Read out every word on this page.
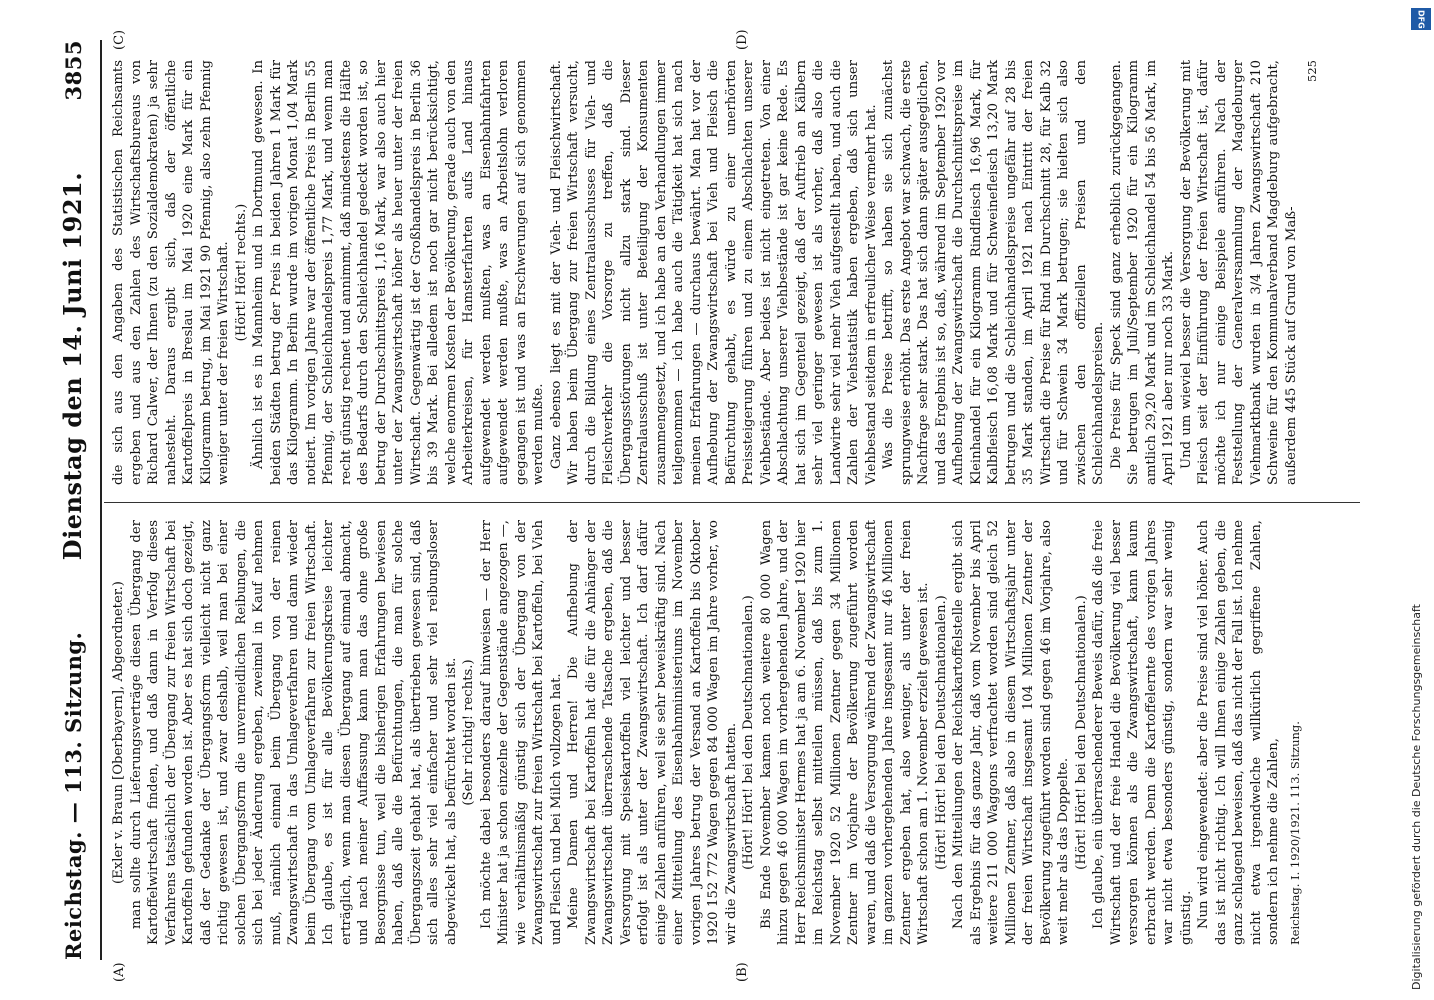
Reichstag. — 113. Sitzung.
Dienstag den 14. Juni 1921.
3855
(A)	(B)
(C)	(D)

(Exler v. Braun [Oberbayern], Abgeordneter.) man sollte durch Lieferungsverträge diesen Übergang der Kartoffelwirtschaft finden, und daß dann in Verfolg dieses Verfahrens tatsächlich der Übergang zur freien Wirtschaft bei Kartoffeln gefunden worden ist. Aber es hat sich doch gezeigt, daß der Gedanke der Übergangsform vielleicht nicht ganz richtig gewesen ist, und zwar deshalb, weil man bei einer solchen Übergangsform die unvermeidlichen Reibungen, die sich bei jeder Änderung ergeben, zweimal in Kauf nehmen muß, nämlich einmal beim Übergang von der reinen Zwangswirtschaft in das Umlageverfahren und dann wieder beim Übergang vom Umlageverfahren zur freien Wirtschaft. Ich glaube, es ist für alle Bevölkerungskreise leichter erträglich, wenn man diesen Übergang auf einmal abmacht, und nach meiner Auffassung kann man das ohne große Besorgnisse tun, weil die bisherigen Erfahrungen bewiesen haben, daß alle die Befürchtungen, die man für solche Übergangszeit gehabt hat, als übertrieben gewesen sind, daß sich alles sehr viel einfacher und sehr viel reibungsloser abgewickelt hat, als befürchtet worden ist. (Sehr richtig! rechts.) Ich möchte dabei besonders darauf hinweisen — der Herr Minister hat ja schon einzelne der Gegenstände angezogen —, wie verhältnismäßig günstig sich der Übergang von der Zwangswirtschaft zur freien Wirtschaft bei Kartoffeln, bei Vieh und Fleisch und bei Milch vollzogen hat. Meine Damen und Herren! Die Aufhebung der Zwangswirtschaft bei Kartoffeln hat die für die Anhänger der Zwangswirtschaft überraschende Tatsache ergeben, daß die Versorgung mit Speisekartoffeln viel leichter und besser erfolgt ist als unter der Zwangswirtschaft. Ich darf dafür einige Zahlen anführen, weil sie sehr beweiskräftig sind. Nach einer Mitteilung des Eisenbahnministeriums im November vorigen Jahres betrug der Versand an Kartoffeln bis Oktober 1920 152 772 Wagen gegen 84 000 Wagen im Jahre vorher, wo wir die Zwangswirtschaft hatten. (Hört! Hört! bei den Deutschnationalen.) Bis Ende November kamen noch weitere 80 000 Wagen hinzu gegen 46 000 Wagen im vorhergehenden Jahre, und der Herr Reichsminister Hermes hat ja am 6. November 1920 hier im Reichstag selbst mitteilen müssen, daß bis zum 1. November 1920 52 Millionen Zentner gegen 34 Millionen Zentner im Vorjahre der Bevölkerung zugeführt worden waren, und daß die Versorgung während der Zwangswirtschaft im ganzen vorhergehenden Jahre insgesamt nur 46 Millionen Zentner ergeben hat, also weniger, als unter der freien Wirtschaft schon am 1. November erzielt gewesen ist. (Hört! Hört! bei den Deutschnationalen.) Nach den Mitteilungen der Reichskartoffelstelle ergibt sich als Ergebnis für das ganze Jahr, daß vom November bis April weitere 211 000 Waggons verfrachtet worden sind gleich 52 Millionen Zentner, daß also in diesem Wirtschaftsjahr unter der freien Wirtschaft insgesamt 104 Millionen Zentner der Bevölkerung zugeführt worden sind gegen 46 im Vorjahre, also weit mehr als das Doppelte. (Hört! Hört! bei den Deutschnationalen.) Ich glaube, ein überraschenderer Beweis dafür, daß die freie Wirtschaft und der freie Handel die Bevölkerung viel besser versorgen können als die Zwangswirtschaft, kann kaum erbracht werden. Denn die Kartoffelernte des vorigen Jahres war nicht etwa besonders günstig, sondern war sehr wenig günstig. Nun wird eingewendet: aber die Preise sind viel höher. Auch das ist nicht richtig. Ich will Ihnen einige Zahlen geben, die ganz schlagend beweisen, daß das nicht der Fall ist. Ich nehme nicht etwa irgendwelche willkürlich gegriffene Zahlen, sondern ich nehme die Zahlen, Reichstag. I. 1920/1921. 113. Sitzung.

die sich aus den Angaben des Statistischen Reichsamts ergeben und aus den Zahlen des Wirtschaftsbureaus von Richard Calwer, der Ihnen (zu den Sozialdemokraten) ja sehr nahesteht. Daraus ergibt sich, daß der öffentliche Kartoffelpreis in Breslau im Mai 1920 eine Mark für ein Kilogramm betrug, im Mai 1921 90 Pfennig, also zehn Pfennig weniger unter der freien Wirtschaft. (Hört! Hört! rechts.) Ähnlich ist es in Mannheim und in Dortmund gewesen. In beiden Städten betrug der Preis in beiden Jahren 1 Mark für das Kilogramm. In Berlin wurde im vorigen Monat 1,04 Mark notiert. Im vorigen Jahre war der öffentliche Preis in Berlin 55 Pfennig, der Schleichhandelspreis 1,77 Mark, und wenn man recht günstig rechnet und annimmt, daß mindestens die Hälfte des Bedarfs durch den Schleichhandel gedeckt worden ist, so betrug der Durchschnittspreis 1,16 Mark, war also auch hier unter der Zwangswirtschaft höher als heuer unter der freien Wirtschaft. Gegenwärtig ist der Großhandelspreis in Berlin 36 bis 39 Mark. Bei alledem ist noch gar nicht berücksichtigt, welche enormen Kosten der Bevölkerung, gerade auch von den Arbeiterkreisen, für Hamsterfahrten aufs Land hinaus aufgewendet werden mußten, was an Eisenbahnfahrten aufgewendet werden mußte, was an Arbeitslohn verloren gegangen ist und was an Erschwerungen auf sich genommen werden mußte. Ganz ebenso liegt es mit der Vieh- und Fleischwirtschaft. Wir haben beim Übergang zur freien Wirtschaft versucht, durch die Bildung eines Zentralausschusses für Vieh- und Fleischverkehr die Vorsorge zu treffen, daß die Übergangsstörungen nicht allzu stark sind. Dieser Zentralausschuß ist unter Beteiligung der Konsumenten zusammengesetzt, und ich habe an den Verhandlungen immer teilgenommen — ich habe auch die Tätigkeit hat sich nach meinen Erfahrungen — durchaus bewährt. Man hat vor der Aufhebung der Zwangswirtschaft bei Vieh und Fleisch die Befürchtung gehabt, es würde zu einer unerhörten Preissteigerung führen und zu einem Abschlachten unserer Viehbestände. Aber beides ist nicht eingetreten. Von einer Abschlachtung unserer Viehbestände ist gar keine Rede. Es hat sich im Gegenteil gezeigt, daß der Auftrieb an Kälbern sehr viel geringer gewesen ist als vorher, daß also die Landwirte sehr viel mehr Vieh aufgestellt haben, und auch die Zahlen der Viehstatistik haben ergeben, daß sich unser Viehbestand seitdem in erfreulicher Weise vermehrt hat. Was die Preise betrifft, so haben sie sich zunächst sprungweise erhöht. Das erste Angebot war schwach, die erste Nachfrage sehr stark. Das hat sich dann später ausgeglichen, und das Ergebnis ist so, daß, während im September 1920 vor Aufhebung der Zwangswirtschaft die Durchschnittspreise im Kleinhandel für ein Kilogramm Rindfleisch 16,96 Mark, für Kalbfleisch 16,08 Mark und für Schweinefleisch 13,20 Mark betrugen und die Schleichhandelspreise ungefähr auf 28 bis 35 Mark standen, im April 1921 nach Eintritt der freien Wirtschaft die Preise für Rind im Durchschnitt 28, für Kalb 32 und für Schwein 34 Mark betrugen; sie hielten sich also zwischen den offiziellen Preisen und den Schleichhandelspreisen. Die Preise für Speck sind ganz erheblich zurückgegangen. Sie betrugen im Juli/September 1920 für ein Kilogramm amtlich 29,20 Mark und im Schleichhandel 54 bis 56 Mark, im April 1921 aber nur noch 33 Mark. Und um wieviel besser die Versorgung der Bevölkerung mit Fleisch seit der Einführung der freien Wirtschaft ist, dafür möchte ich nur einige Beispiele anführen. Nach der Feststellung der Generalversammlung der Magdeburger Viehmarktbank wurden in 3/4 Jahren Zwangswirtschaft 210 Schweine für den Kommunalverband Magdeburg aufgebracht, außerdem 445 Stück auf Grund von Maß-

525

DFG
Digitalisierung gefördert durch die Deutsche Forschungsgemeinschaft
